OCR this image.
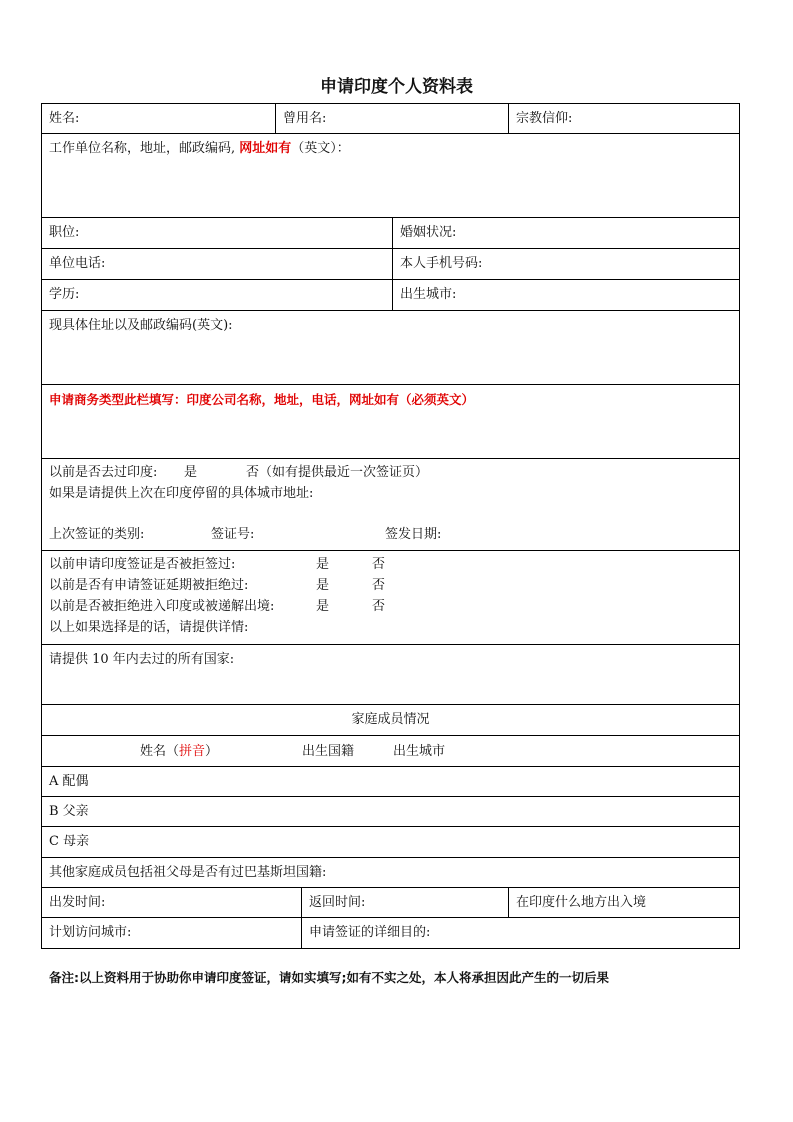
申请印度个人资料表
姓名:	曾用名:	宗教信仰:
工作单位名称，地址，邮政编码, 网址如有（英文）：
职位:	婚姻状况:
单位电话:	本人手机号码:
学历:	出生城市:
现具体住址以及邮政编码(英文):
申请商务类型此栏填写：印度公司名称，地址，电话，网址如有（必须英文）
以前是否去过印度:	是	否（如有提供最近一次签证页）
如果是请提供上次在印度停留的具体城市地址:
上次签证的类别:	签证号:	签发日期:
以前申请印度签证是否被拒签过:	是	否
以前是否有申请签证延期被拒绝过:	是	否
以前是否被拒绝进入印度或被递解出境:	是	否
以上如果选择是的话，请提供详情:
请提供 10 年内去过的所有国家:
家庭成员情况
姓名（拼音）	出生国籍	出生城市
A 配偶
B 父亲
C 母亲
其他家庭成员包括祖父母是否有过巴基斯坦国籍:
出发时间:	返回时间:	在印度什么地方出入境
计划访问城市:	申请签证的详细目的:
备注:以上资料用于协助你申请印度签证，请如实填写;如有不实之处，本人将承担因此产生的一切后果
